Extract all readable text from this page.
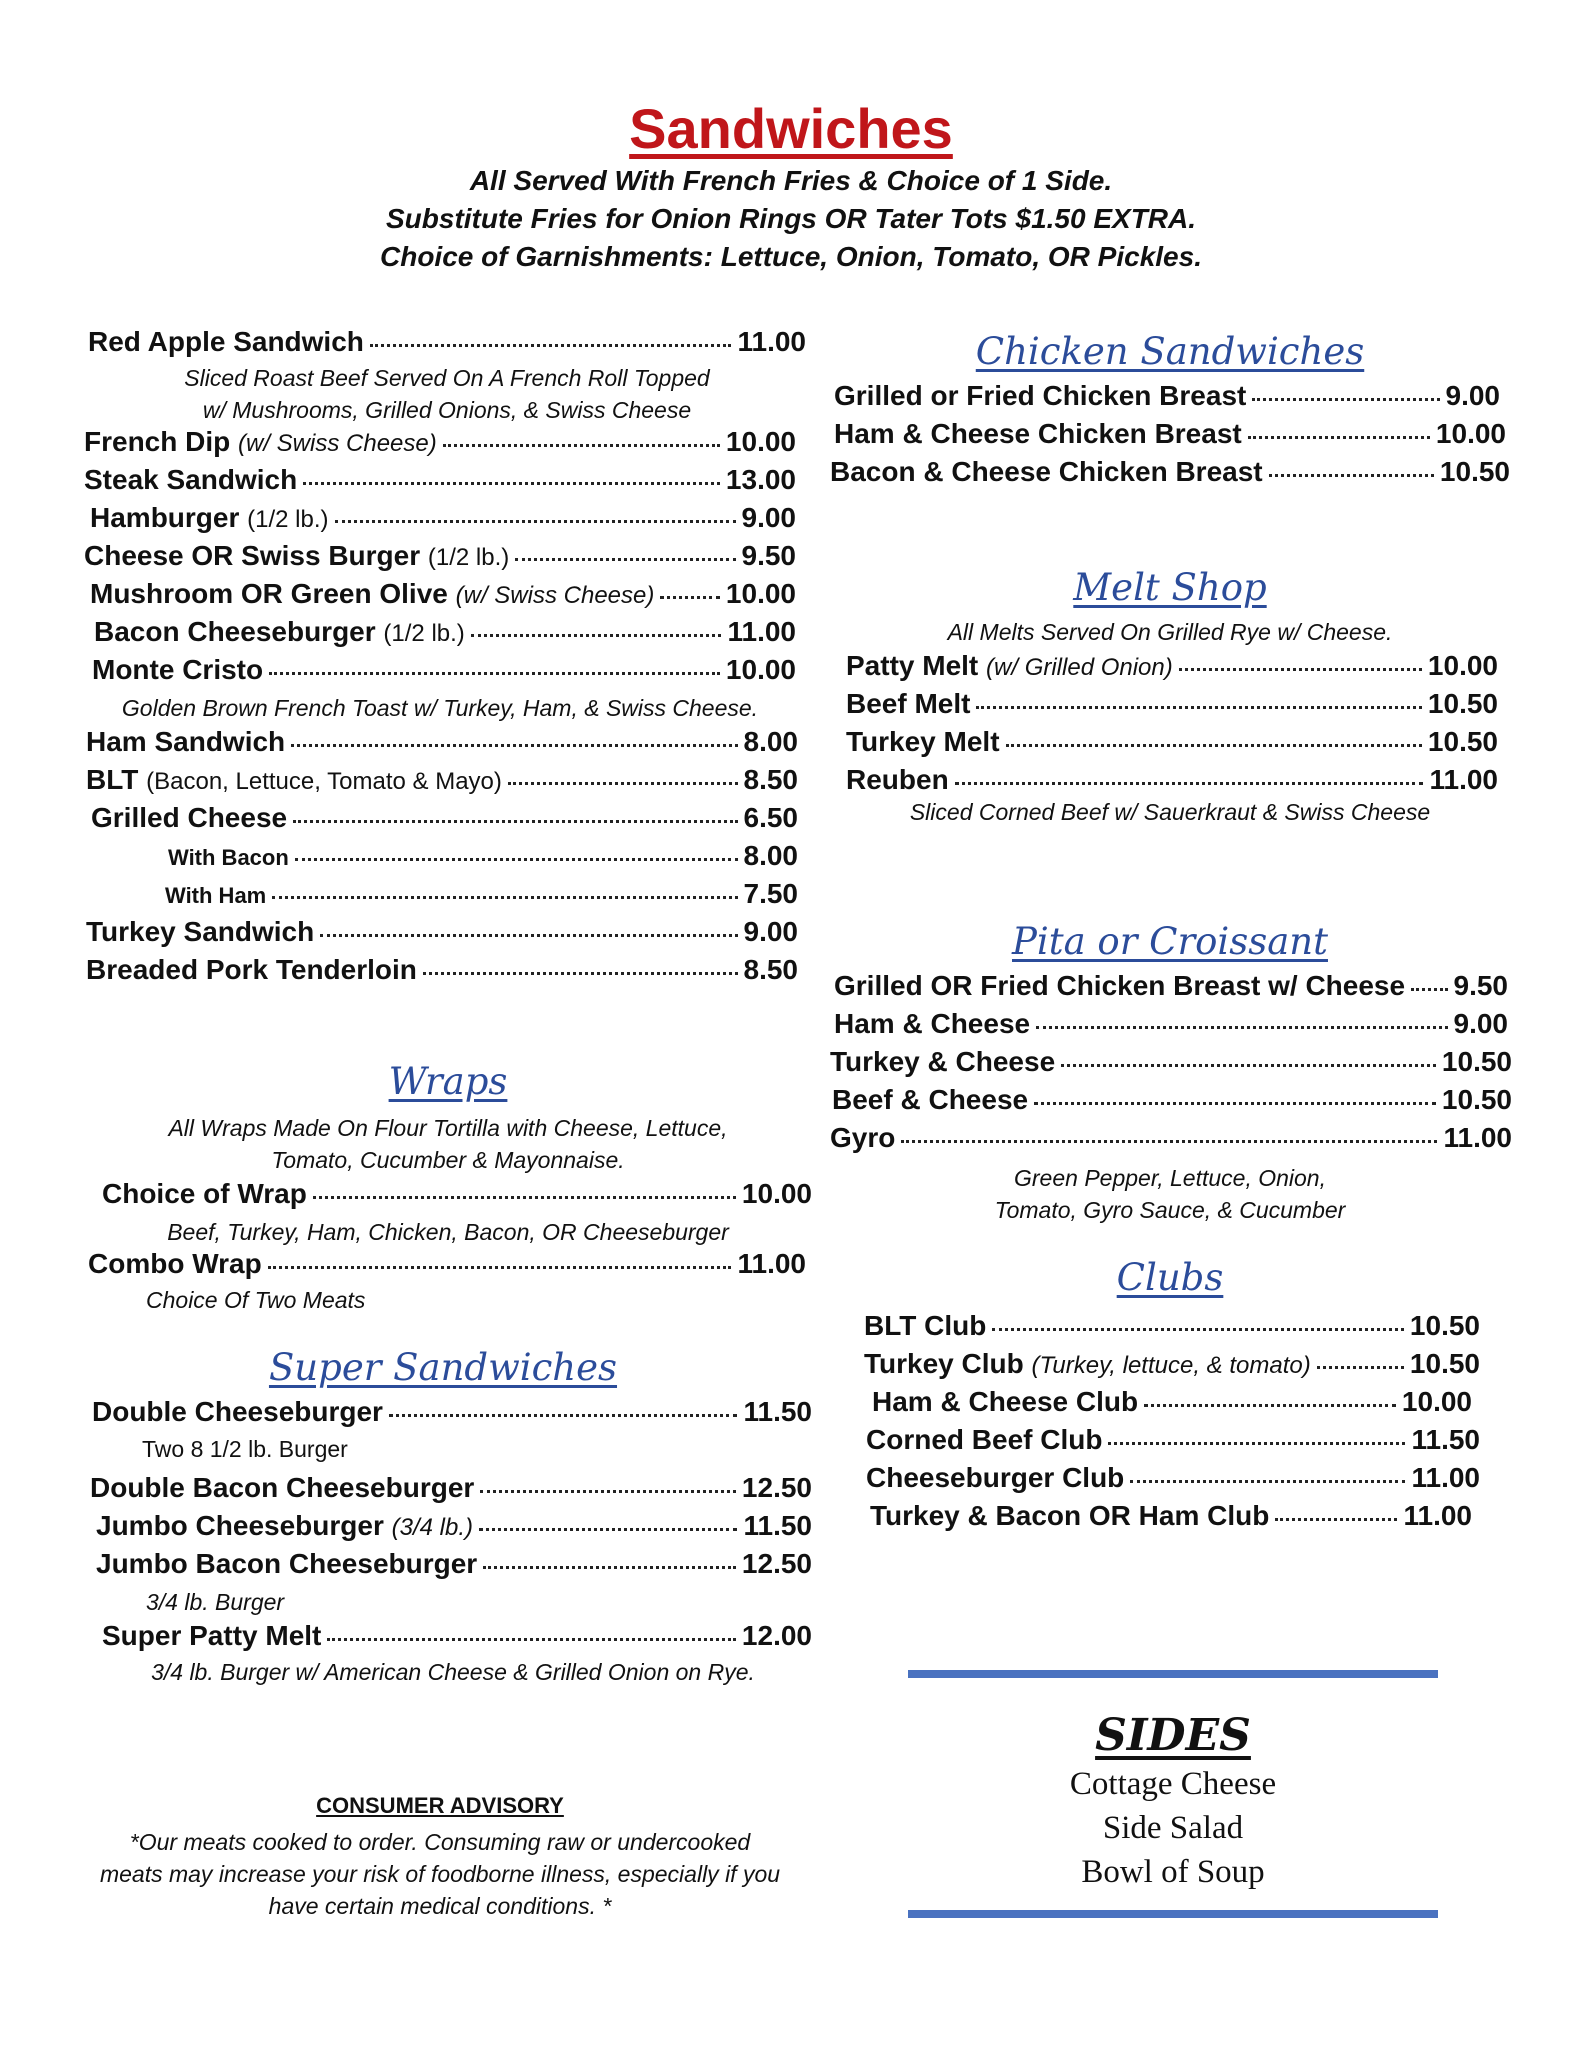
Sandwiches
All Served With French Fries & Choice of 1 Side.
Substitute Fries for Onion Rings OR Tater Tots $1.50 EXTRA.
Choice of Garnishments: Lettuce, Onion, Tomato, OR Pickles.
Red Apple Sandwich	11.00
Sliced Roast Beef Served On A French Roll Topped
w/ Mushrooms, Grilled Onions, & Swiss Cheese
French Dip
(w/ Swiss Cheese)	10.00
Steak Sandwich	13.00
Hamburger
(1/2 lb.)	9.00
Cheese OR Swiss Burger
(1/2 lb.)	9.50
Mushroom OR Green Olive
(w/ Swiss Cheese)	10.00
Bacon Cheeseburger
(1/2 lb.)	11.00
Monte Cristo	10.00
Golden Brown French Toast w/ Turkey, Ham, & Swiss Cheese.
Ham Sandwich	8.00
BLT
(Bacon, Lettuce, Tomato & Mayo)	8.50
Grilled Cheese	6.50
With Bacon	8.00
With Ham	7.50
Turkey Sandwich	9.00
Breaded Pork Tenderloin	8.50
Wraps
All Wraps Made On Flour Tortilla with Cheese, Lettuce,
Tomato, Cucumber & Mayonnaise.
Choice of Wrap	10.00
Beef, Turkey, Ham, Chicken, Bacon, OR Cheeseburger
Combo Wrap	11.00
Choice Of Two Meats
Super Sandwiches
Double Cheeseburger	11.50
Two 8 1/2 lb. Burger
Double Bacon Cheeseburger	12.50
Jumbo Cheeseburger
(3/4 lb.)	11.50
Jumbo Bacon Cheeseburger	12.50
3/4 lb. Burger
Super Patty Melt	12.00
3/4 lb. Burger w/ American Cheese & Grilled Onion on Rye.
CONSUMER ADVISORY
*Our meats cooked to order. Consuming raw or undercooked
meats may increase your risk of foodborne illness, especially if you
have certain medical conditions. *
Chicken Sandwiches
Grilled or Fried Chicken Breast	9.00
Ham & Cheese Chicken Breast	10.00
Bacon & Cheese Chicken Breast	10.50
Melt Shop
All Melts Served On Grilled Rye w/ Cheese.
Patty Melt
(w/ Grilled Onion)	10.00
Beef Melt	10.50
Turkey Melt	10.50
Reuben	11.00
Sliced Corned Beef w/ Sauerkraut & Swiss Cheese
Pita or Croissant
Grilled OR Fried Chicken Breast w/ Cheese 9.50
Ham & Cheese	9.00
Turkey & Cheese	10.50
Beef & Cheese	10.50
Gyro	11.00
Green Pepper, Lettuce, Onion,
Tomato, Gyro Sauce, & Cucumber
Clubs
BLT Club	10.50
Turkey Club
(Turkey, lettuce, & tomato)	10.50
Ham & Cheese Club	10.00
Corned Beef Club	11.50
Cheeseburger Club	11.00
Turkey & Bacon OR Ham Club	11.00
SIDES
Cottage Cheese
Side Salad
Bowl of Soup
